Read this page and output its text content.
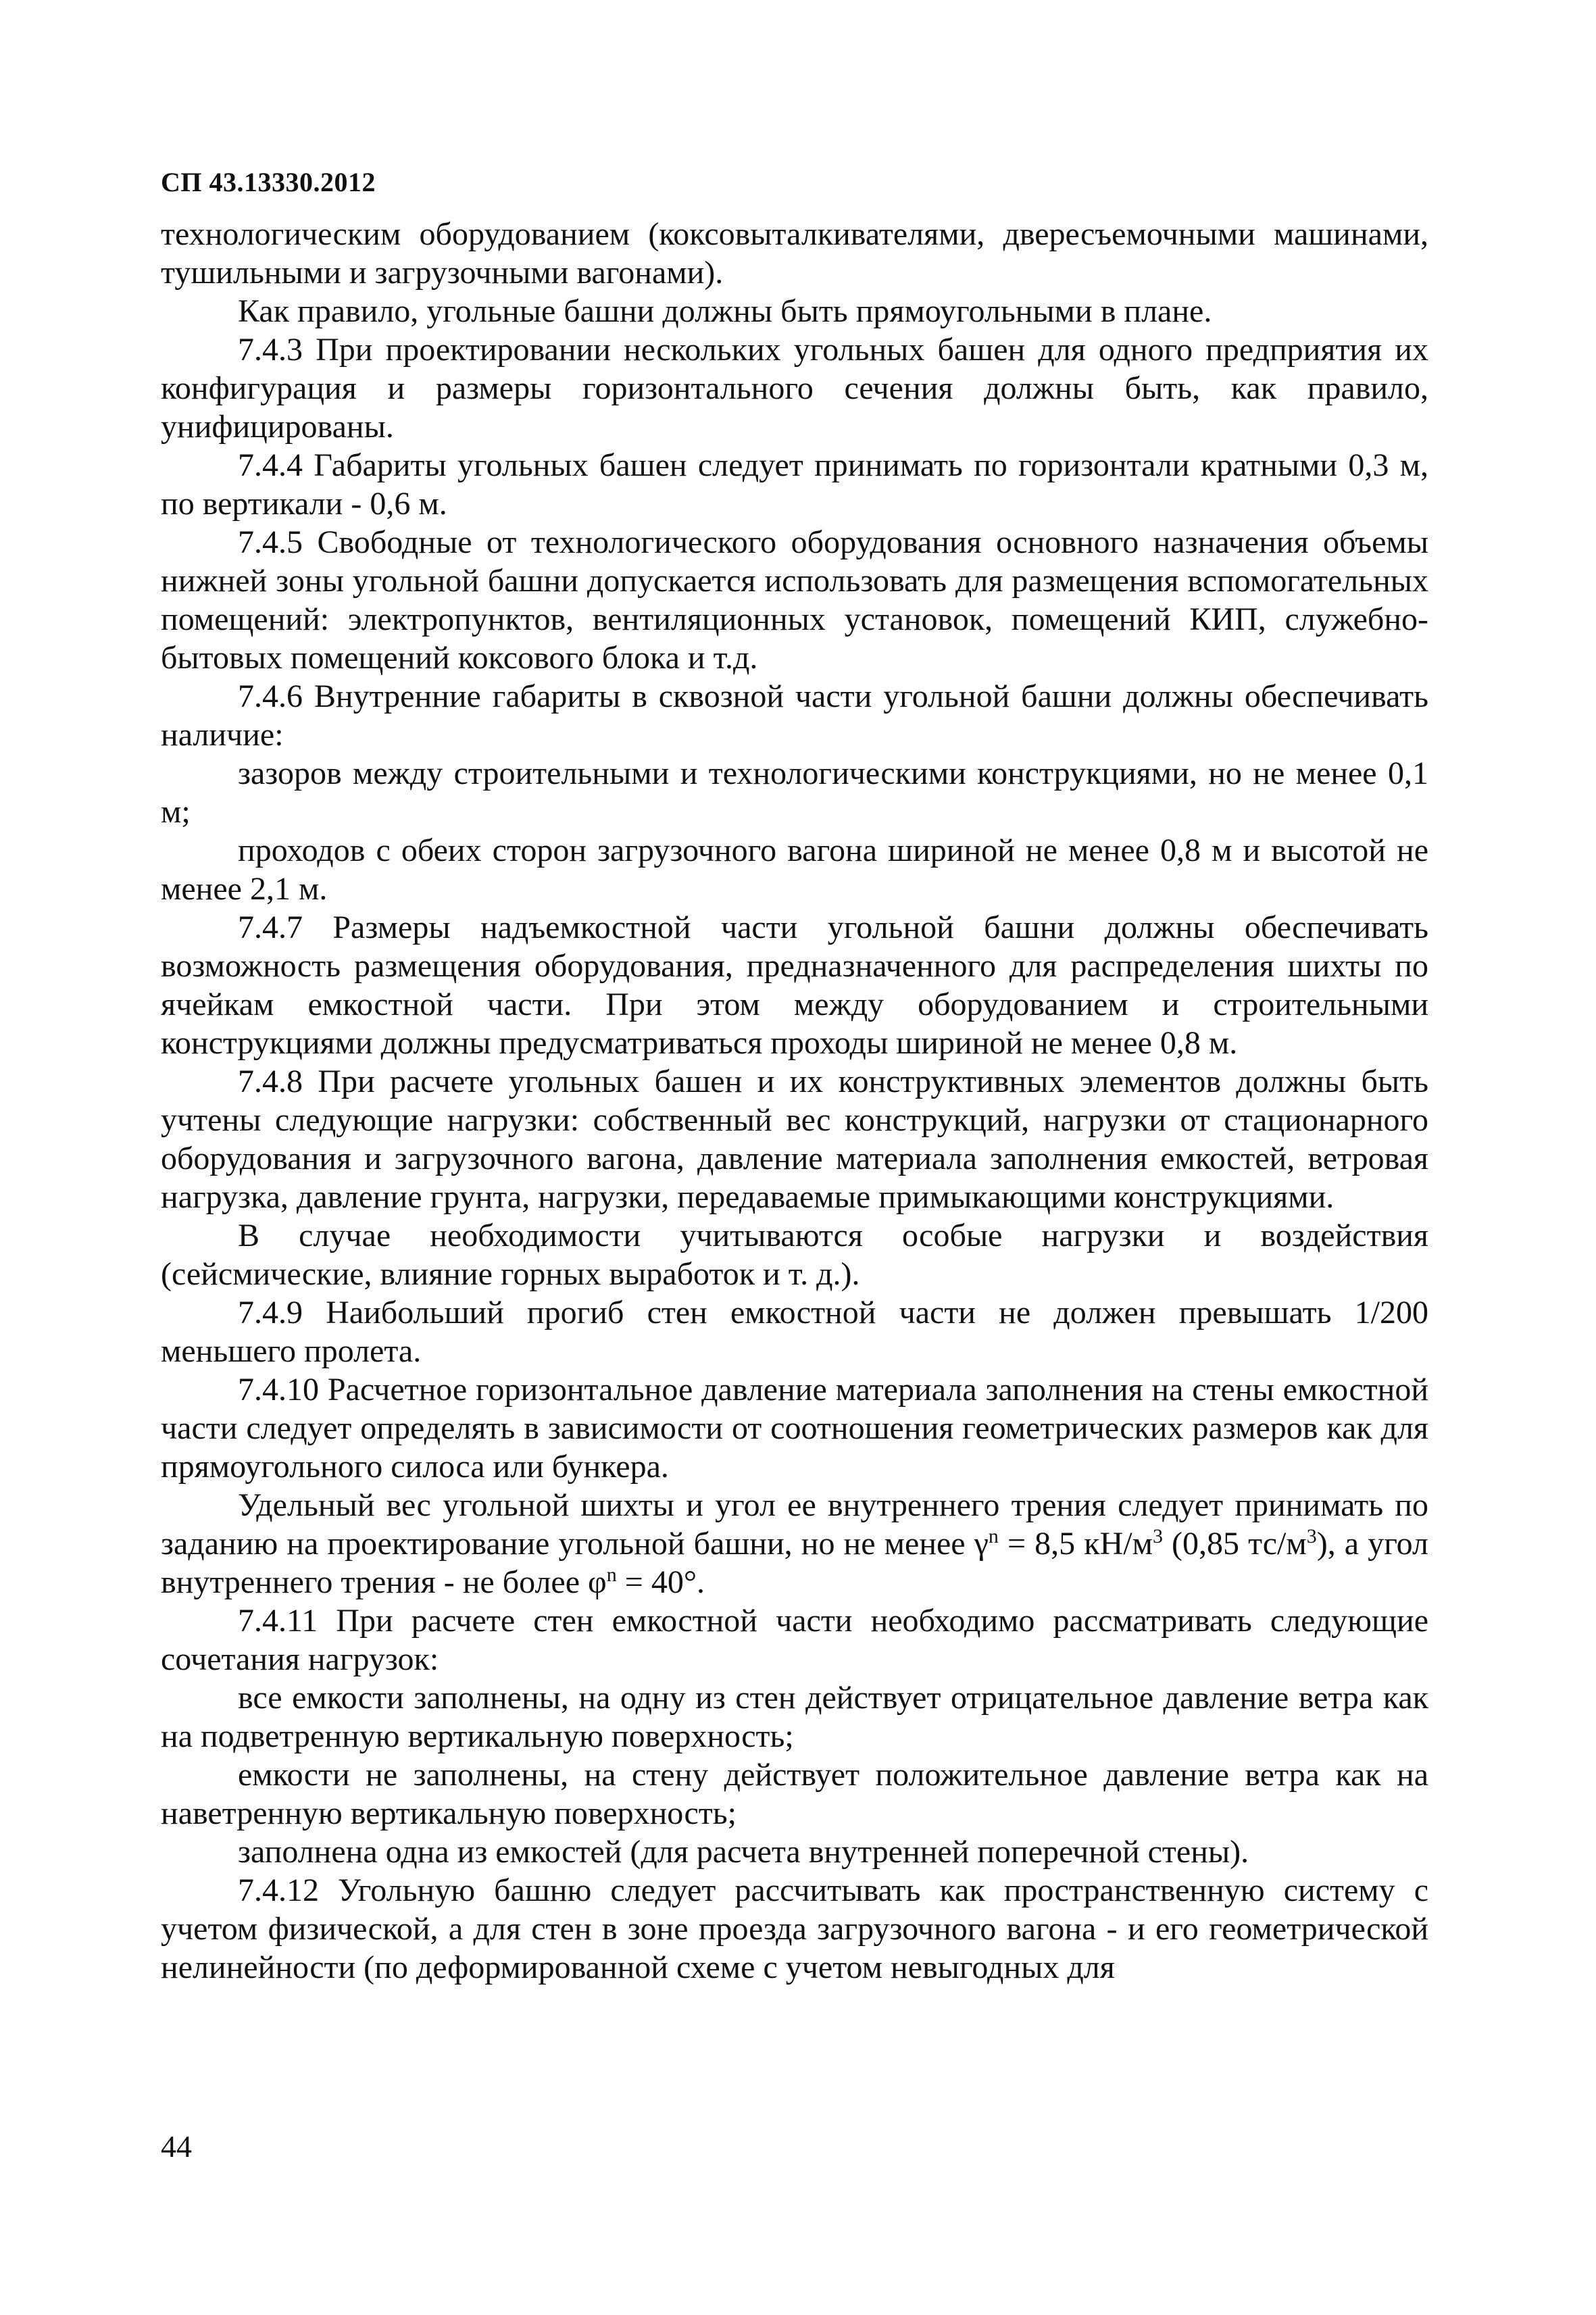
СП 43.13330.2012

технологическим оборудованием (коксовыталкивателями, двересъемочными машинами, тушильными и загрузочными вагонами).

Как правило, угольные башни должны быть прямоугольными в плане.

7.4.3 При проектировании нескольких угольных башен для одного предприятия их конфигурация и размеры горизонтального сечения должны быть, как правило, унифицированы.

7.4.4 Габариты угольных башен следует принимать по горизонтали кратными 0,3 м, по вертикали - 0,6 м.

7.4.5 Свободные от технологического оборудования основного назначения объемы нижней зоны угольной башни допускается использовать для размещения вспомогательных помещений: электропунктов, вентиляционных установок, помещений КИП, служебно-бытовых помещений коксового блока и т.д.

7.4.6 Внутренние габариты в сквозной части угольной башни должны обеспечивать наличие:

зазоров между строительными и технологическими конструкциями, но не менее 0,1 м;

проходов с обеих сторон загрузочного вагона шириной не менее 0,8 м и высотой не менее 2,1 м.

7.4.7 Размеры надъемкостной части угольной башни должны обеспечивать возможность размещения оборудования, предназначенного для распределения шихты по ячейкам емкостной части. При этом между оборудованием и строительными конструкциями должны предусматриваться проходы шириной не менее 0,8 м.

7.4.8 При расчете угольных башен и их конструктивных элементов должны быть учтены следующие нагрузки: собственный вес конструкций, нагрузки от стационарного оборудования и загрузочного вагона, давление материала заполнения емкостей, ветровая нагрузка, давление грунта, нагрузки, передаваемые примыкающими конструкциями.

В случае необходимости учитываются особые нагрузки и воздействия (сейсмические, влияние горных выработок и т. д.).

7.4.9 Наибольший прогиб стен емкостной части не должен превышать 1/200 меньшего пролета.

7.4.10 Расчетное горизонтальное давление материала заполнения на стены емкостной части следует определять в зависимости от соотношения геометрических размеров как для прямоугольного силоса или бункера.

Удельный вес угольной шихты и угол ее внутреннего трения следует принимать по заданию на проектирование угольной башни, но не менее $\gamma^n = 8,5$ $кН/м^3$ (0,85 $тс/м^3$), а угол внутреннего трения - не более $\varphi^n = 40^\circ$.

7.4.11 При расчете стен емкостной части необходимо рассматривать следующие сочетания нагрузок:

все емкости заполнены, на одну из стен действует отрицательное давление ветра как на подветренную вертикальную поверхность;

емкости не заполнены, на стену действует положительное давление ветра как на наветренную вертикальную поверхность;

заполнена одна из емкостей (для расчета внутренней поперечной стены).

7.4.12 Угольную башню следует рассчитывать как пространственную систему с учетом физической, а для стен в зоне проезда загрузочного вагона - и его геометрической нелинейности (по деформированной схеме с учетом невыгодных для

44
